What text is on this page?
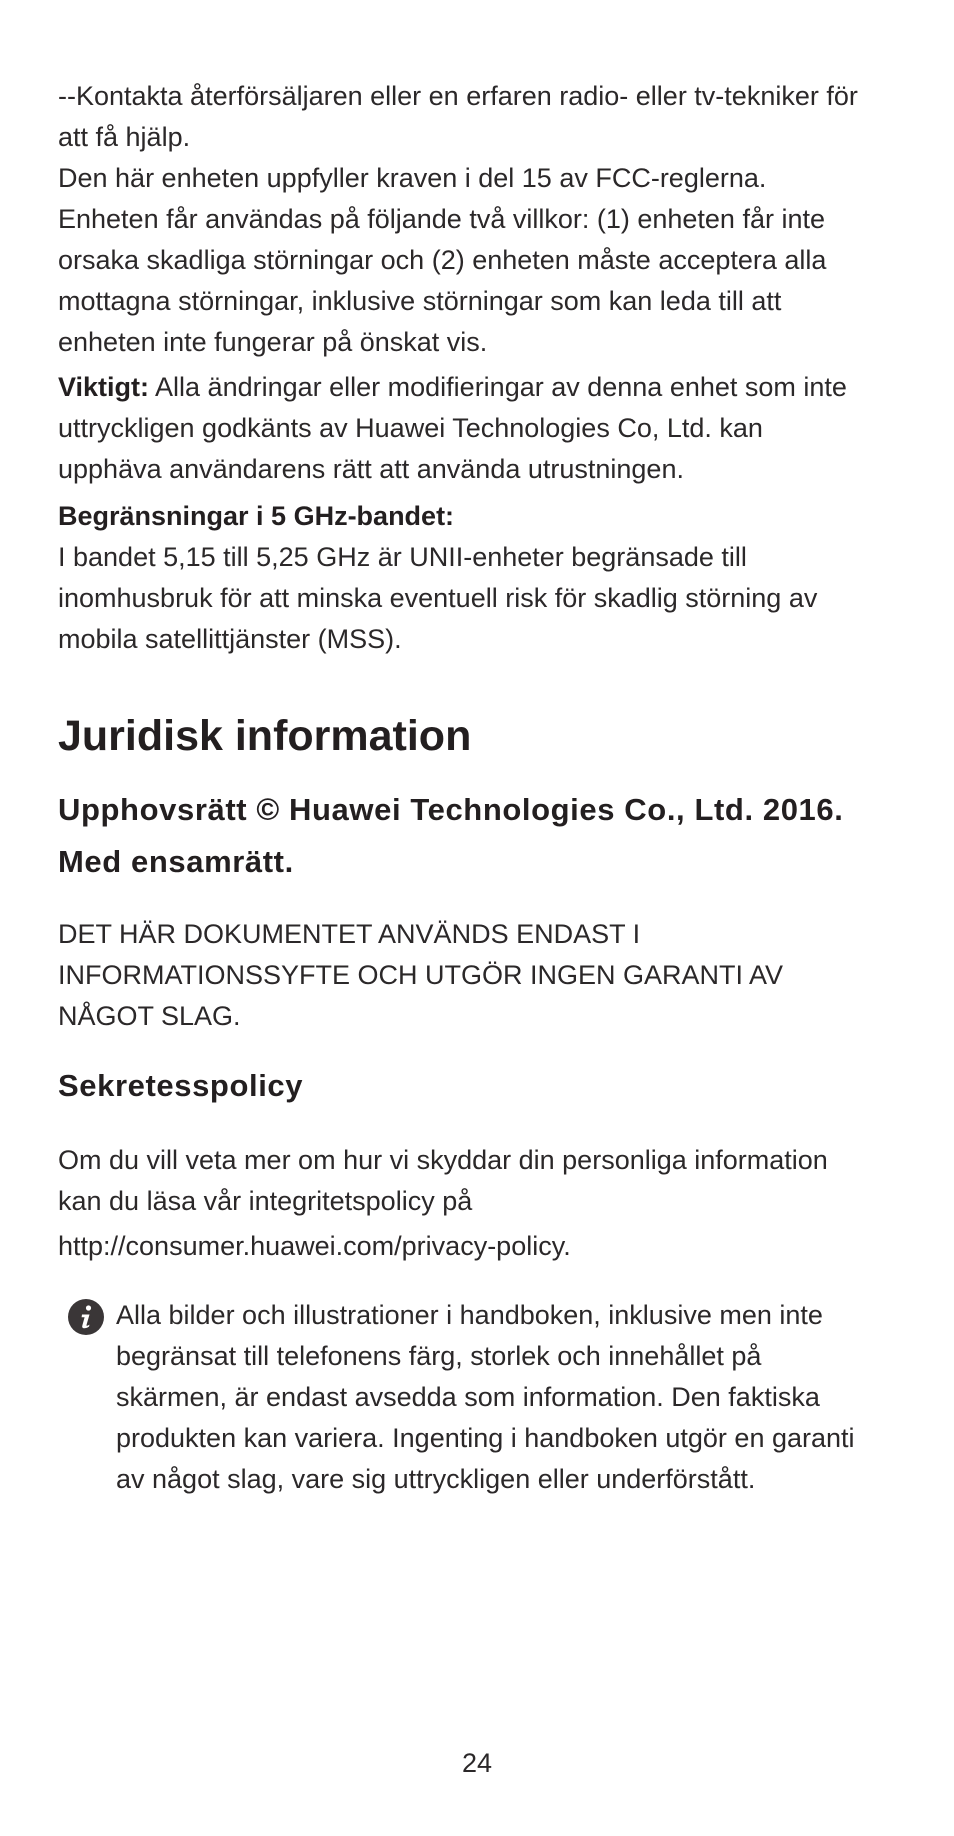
--Kontakta återförsäljaren eller en erfaren radio- eller tv-tekniker för att få hjälp.

Den här enheten uppfyller kraven i del 15 av FCC-reglerna. Enheten får användas på följande två villkor: (1) enheten får inte orsaka skadliga störningar och (2) enheten måste acceptera alla mottagna störningar, inklusive störningar som kan leda till att enheten inte fungerar på önskat vis.

Viktigt: Alla ändringar eller modifieringar av denna enhet som inte uttryckligen godkänts av Huawei Technologies Co, Ltd. kan upphäva användarens rätt att använda utrustningen.

Begränsningar i 5 GHz-bandet:

I bandet 5,15 till 5,25 GHz är UNII-enheter begränsade till inomhusbruk för att minska eventuell risk för skadlig störning av mobila satellittjänster (MSS).

Juridisk information
Upphovsrätt © Huawei Technologies Co., Ltd. 2016. Med ensamrätt.

DET HÄR DOKUMENTET ANVÄNDS ENDAST I INFORMATIONSSYFTE OCH UTGÖR INGEN GARANTI AV NÅGOT SLAG.

Sekretesspolicy

Om du vill veta mer om hur vi skyddar din personliga information kan du läsa vår integritetspolicy på

http://consumer.huawei.com/privacy-policy.

Alla bilder och illustrationer i handboken, inklusive men inte begränsat till telefonens färg, storlek och innehållet på skärmen, är endast avsedda som information. Den faktiska produkten kan variera. Ingenting i handboken utgör en garanti av något slag, vare sig uttryckligen eller underförstått.

24
